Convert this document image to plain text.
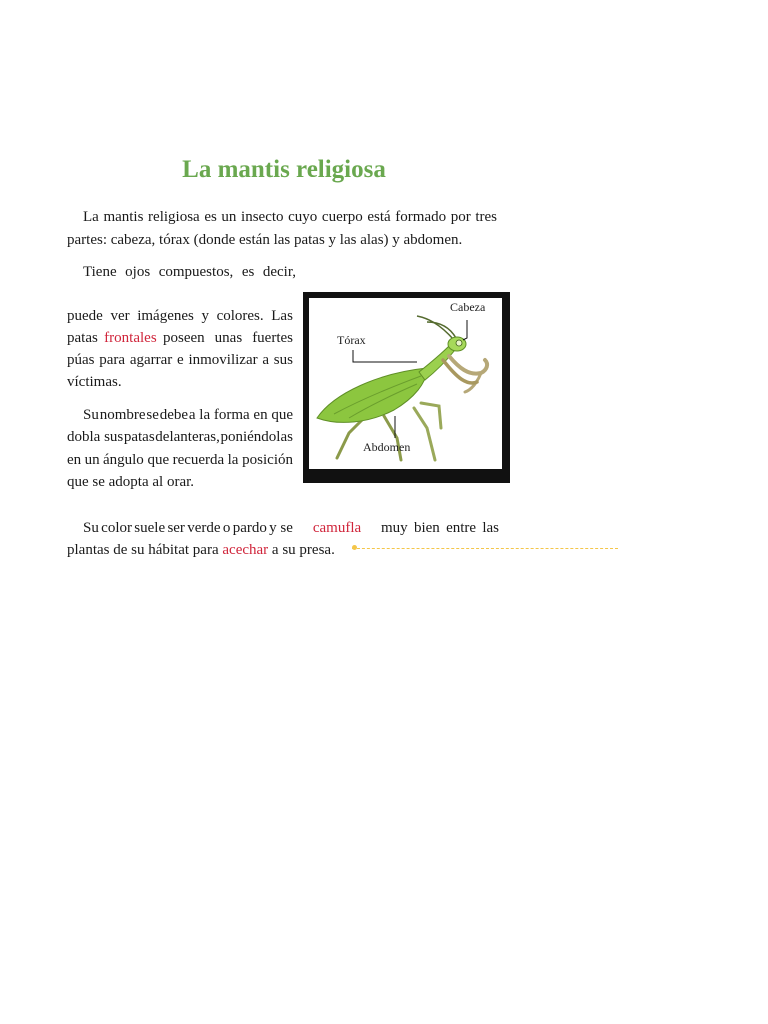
La mantis religiosa
La mantis religiosa es un insecto cuyo cuerpo está formado por tres
partes: cabeza, tórax (donde están las patas y las alas) y abdomen.
Tiene ojos compuestos, es decir,
puede ver imágenes y colores. Las
patas frontales poseen unas fuertes
púas para agarrar e inmovilizar a sus
víctimas.
Su nombre se debe a la forma en que
dobla sus patas delanteras, poniéndolas
en un ángulo que recuerda la posición
que se adopta al orar.
Cabeza
Tórax
Abdomen
Su color suele ser verde o pardo y se camufla muy bien entre las
plantas de su hábitat para acechar a su presa.
